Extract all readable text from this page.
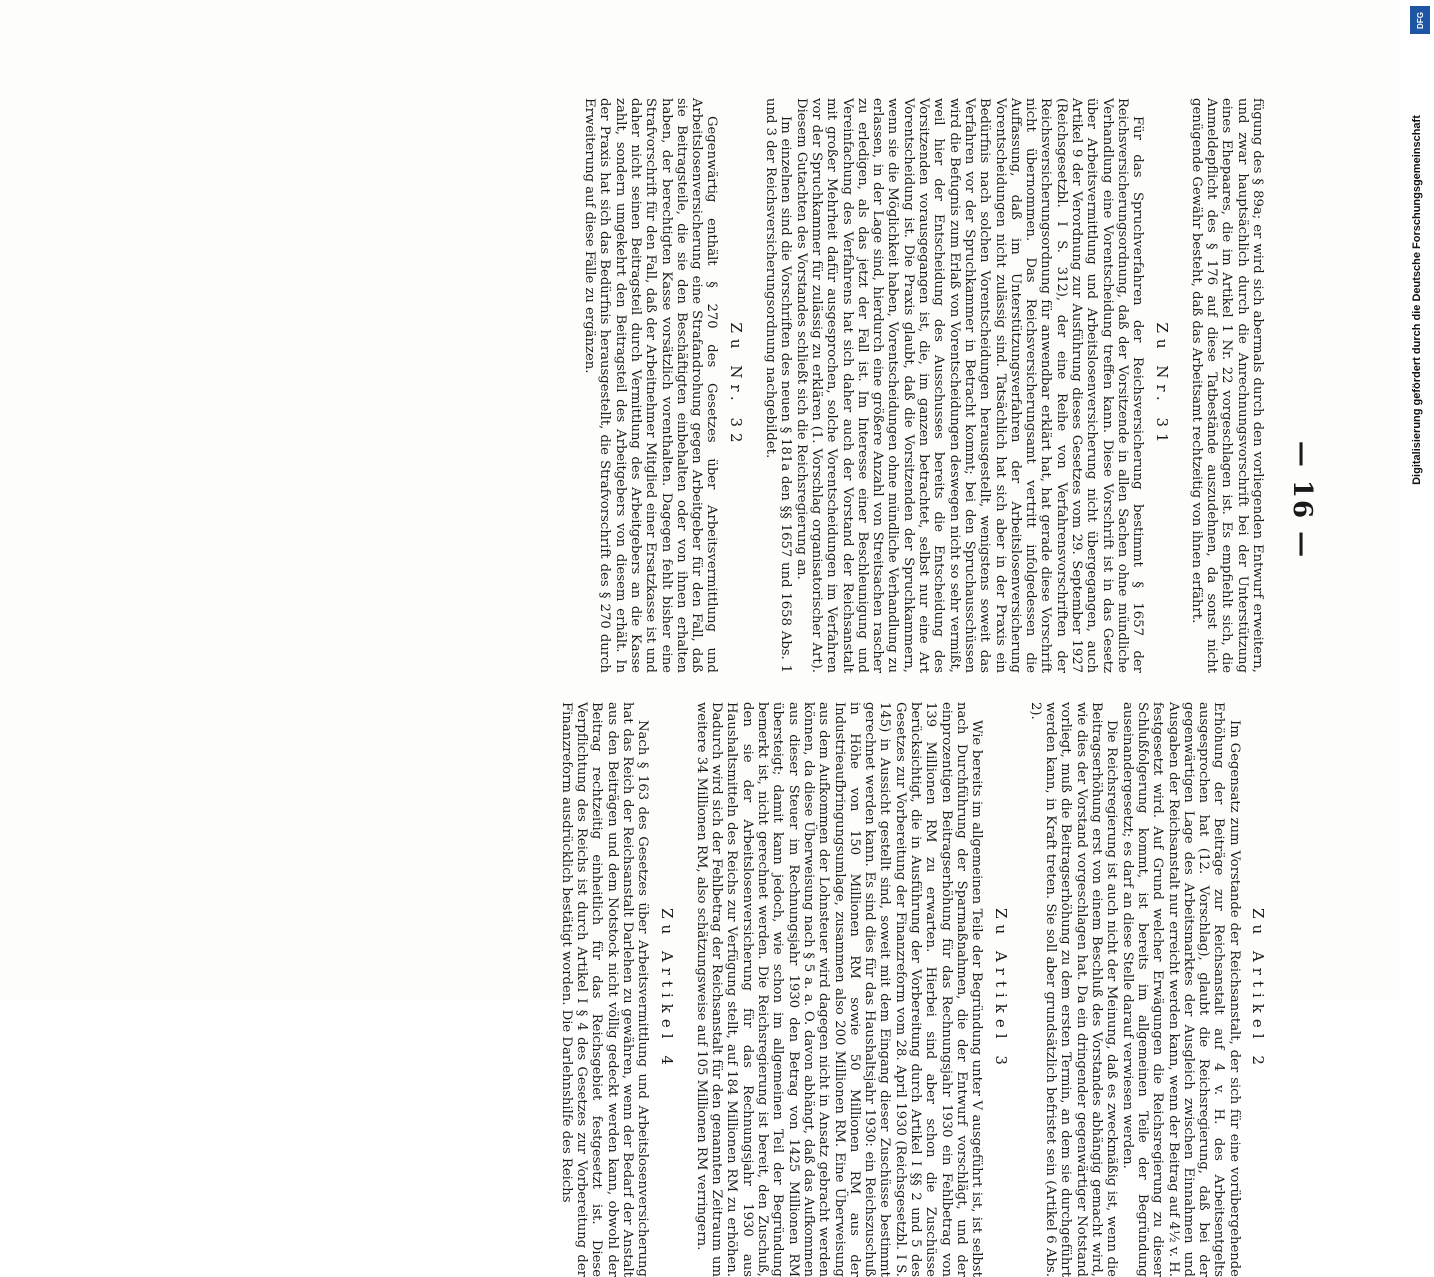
— 16 —

fügung des § 89a; er wird sich abermals durch den vorliegenden Entwurf erweitern, und zwar hauptsächlich durch die Anrechnungsvorschrift bei der Unterstützung eines Ehepaares, die im Artikel 1 Nr. 22 vorgeschlagen ist. Es empfiehlt sich, die Anmeldepflicht des § 176 auf diese Tatbestände auszudehnen, da sonst nicht genügende Gewähr besteht, daß das Arbeitsamt rechtzeitig von ihnen erfährt.

Zu Nr. 31

Für das Spruchverfahren der Reichsversicherung bestimmt § 1657 der Reichsversicherungsordnung, daß der Vorsitzende in allen Sachen ohne mündliche Verhandlung eine Vorentscheidung treffen kann. Diese Vorschrift ist in das Gesetz über Arbeitsvermittlung und Arbeitslosenversicherung nicht übergegangen, auch Artikel 9 der Verordnung zur Ausführung dieses Gesetzes vom 29. September 1927 (Reichsgesetzbl. I S. 312), der eine Reihe von Verfahrensvorschriften der Reichsversicherungsordnung für anwendbar erklärt hat, hat gerade diese Vorschrift nicht übernommen. Das Reichsversicherungsamt vertritt infolgedessen die Auffassung, daß im Unterstützungsverfahren der Arbeitslosenversicherung Vorentscheidungen nicht zulässig sind. Tatsächlich hat sich aber in der Praxis ein Bedürfnis nach solchen Vorentscheidungen herausgestellt, wenigstens soweit das Verfahren vor der Spruchkammer in Betracht kommt; bei den Spruchausschüssen wird die Befugnis zum Erlaß von Vorentscheidungen deswegen nicht so sehr vermißt, weil hier der Entscheidung des Ausschusses bereits die Entscheidung des Vorsitzenden vorausgegangen ist, die, im ganzen betrachtet, selbst nur eine Art Vorentscheidung ist. Die Praxis glaubt, daß die Vorsitzenden der Spruchkammern, wenn sie die Möglichkeit haben, Vorentscheidungen ohne mündliche Verhandlung zu erlassen, in der Lage sind, hierdurch eine größere Anzahl von Streitsachen rascher zu erledigen, als das jetzt der Fall ist. Im Interesse einer Beschleunigung und Vereinfachung des Verfahrens hat sich daher auch der Vorstand der Reichsanstalt mit großer Mehrheit dafür ausgesprochen, solche Vorentscheidungen im Verfahren vor der Spruchkammer für zulässig zu erklären (1. Vorschlag organisatorischer Art). Diesem Gutachten des Vorstandes schließt sich die Reichsregierung an.

Im einzelnen sind die Vorschriften des neuen § 181a den §§ 1657 und 1658 Abs. 1 und 3 der Reichsversicherungsordnung nachgebildet.

Zu Nr. 32

Gegenwärtig enthält § 270 des Gesetzes über Arbeitsvermittlung und Arbeitslosenversicherung eine Strafandrohung gegen Arbeitgeber für den Fall, daß sie Beitragsteile, die sie den Beschäftigten einbehalten oder von ihnen erhalten haben, der berechtigten Kasse vorsätzlich vorenthalten. Dagegen fehlt bisher eine Strafvorschrift für den Fall, daß der Arbeitnehmer Mitglied einer Ersatzkasse ist und daher nicht seinen Beitragsteil durch Vermittlung des Arbeitgebers an die Kasse zahlt, sondern umgekehrt den Beitragsteil des Arbeitgebers von diesem erhält. In der Praxis hat sich das Bedürfnis herausgestellt, die Strafvorschrift des § 270 durch Erweiterung auf diese Fälle zu ergänzen.

Zu Artikel 2

Im Gegensatz zum Vorstande der Reichsanstalt, der sich für eine vorübergehende Erhöhung der Beiträge zur Reichsanstalt auf 4 v. H. des Arbeitsentgelts ausgesprochen hat (12. Vorschlag), glaubt die Reichsregierung, daß bei der gegenwärtigen Lage des Arbeitsmarktes der Ausgleich zwischen Einnahmen und Ausgaben der Reichsanstalt nur erreicht werden kann, wenn der Beitrag auf 4½ v. H. festgesetzt wird. Auf Grund welcher Erwägungen die Reichsregierung zu dieser Schlußfolgerung kommt, ist bereits im allgemeinen Teile der Begründung auseinandergesetzt; es darf an diese Stelle darauf verwiesen werden.

Die Reichsregierung ist auch nicht der Meinung, daß es zweckmäßig ist, wenn die Beitragserhöhung erst von einem Beschluß des Vorstandes abhängig gemacht wird, wie dies der Vorstand vorgeschlagen hat. Da ein dringender gegenwärtiger Notstand vorliegt, muß die Beitragserhöhung zu dem ersten Termin, an dem sie durchgeführt werden kann, in Kraft treten. Sie soll aber grundsätzlich befristet sein (Artikel 6 Abs. 2).

Zu Artikel 3

Wie bereits im allgemeinen Teile der Begründung unter V ausgeführt ist, ist selbst nach Durchführung der Sparmaßnahmen, die der Entwurf vorschlägt, und der einprozentigen Beitragserhöhung für das Rechnungsjahr 1930 ein Fehlbetrag von 139 Millionen RM zu erwarten. Hierbei sind aber schon die Zuschüsse berücksichtigt, die in Ausführung der Vorbereitung durch Artikel I §§ 2 und 5 des Gesetzes zur Vorbereitung der Finanzreform vom 28. April 1930 (Reichsgesetzbl. I S. 145) in Aussicht gestellt sind, soweit mit dem Eingang dieser Zuschüsse bestimmt gerechnet werden kann. Es sind dies für das Haushaltsjahr 1930: ein Reichszuschuß in Höhe von 150 Millionen RM sowie 50 Millionen RM aus der Industrieaufbringungsumlage, zusammen also 200 Millionen RM. Eine Überweisung aus dem Aufkommen der Lohnsteuer wird dagegen nicht in Ansatz gebracht werden können, da diese Überweisung nach § 5 a. a. O. davon abhängt, daß das Aufkommen aus dieser Steuer im Rechnungsjahr 1930 den Betrag von 1425 Millionen RM übersteigt; damit kann jedoch, wie schon im allgemeinen Teil der Begründung bemerkt ist, nicht gerechnet werden. Die Reichsregierung ist bereit, den Zuschuß, den sie der Arbeitslosenversicherung für das Rechnungsjahr 1930 aus Haushaltsmitteln des Reichs zur Verfügung stellt, auf 184 Millionen RM zu erhöhen. Dadurch wird sich der Fehlbetrag der Reichsanstalt für den genannten Zeitraum um weitere 34 Millionen RM, also schätzungsweise auf 105 Millionen RM verringern.

Zu Artikel 4

Nach § 163 des Gesetzes über Arbeitsvermittlung und Arbeitslosenversicherung hat das Reich der Reichsanstalt Darlehen zu gewähren, wenn der Bedarf der Anstalt aus den Beiträgen und dem Notstock nicht völlig gedeckt werden kann, obwohl der Beitrag rechtzeitig einheitlich für das Reichsgebiet festgesetzt ist. Diese Verpflichtung des Reichs ist durch Artikel I § 4 des Gesetzes zur Vorbereitung der Finanzreform ausdrücklich bestätigt worden. Die Darlehnshilfe des Reichs

DFG
Digitalisierung gefördert durch die Deutsche Forschungsgemeinschaft
